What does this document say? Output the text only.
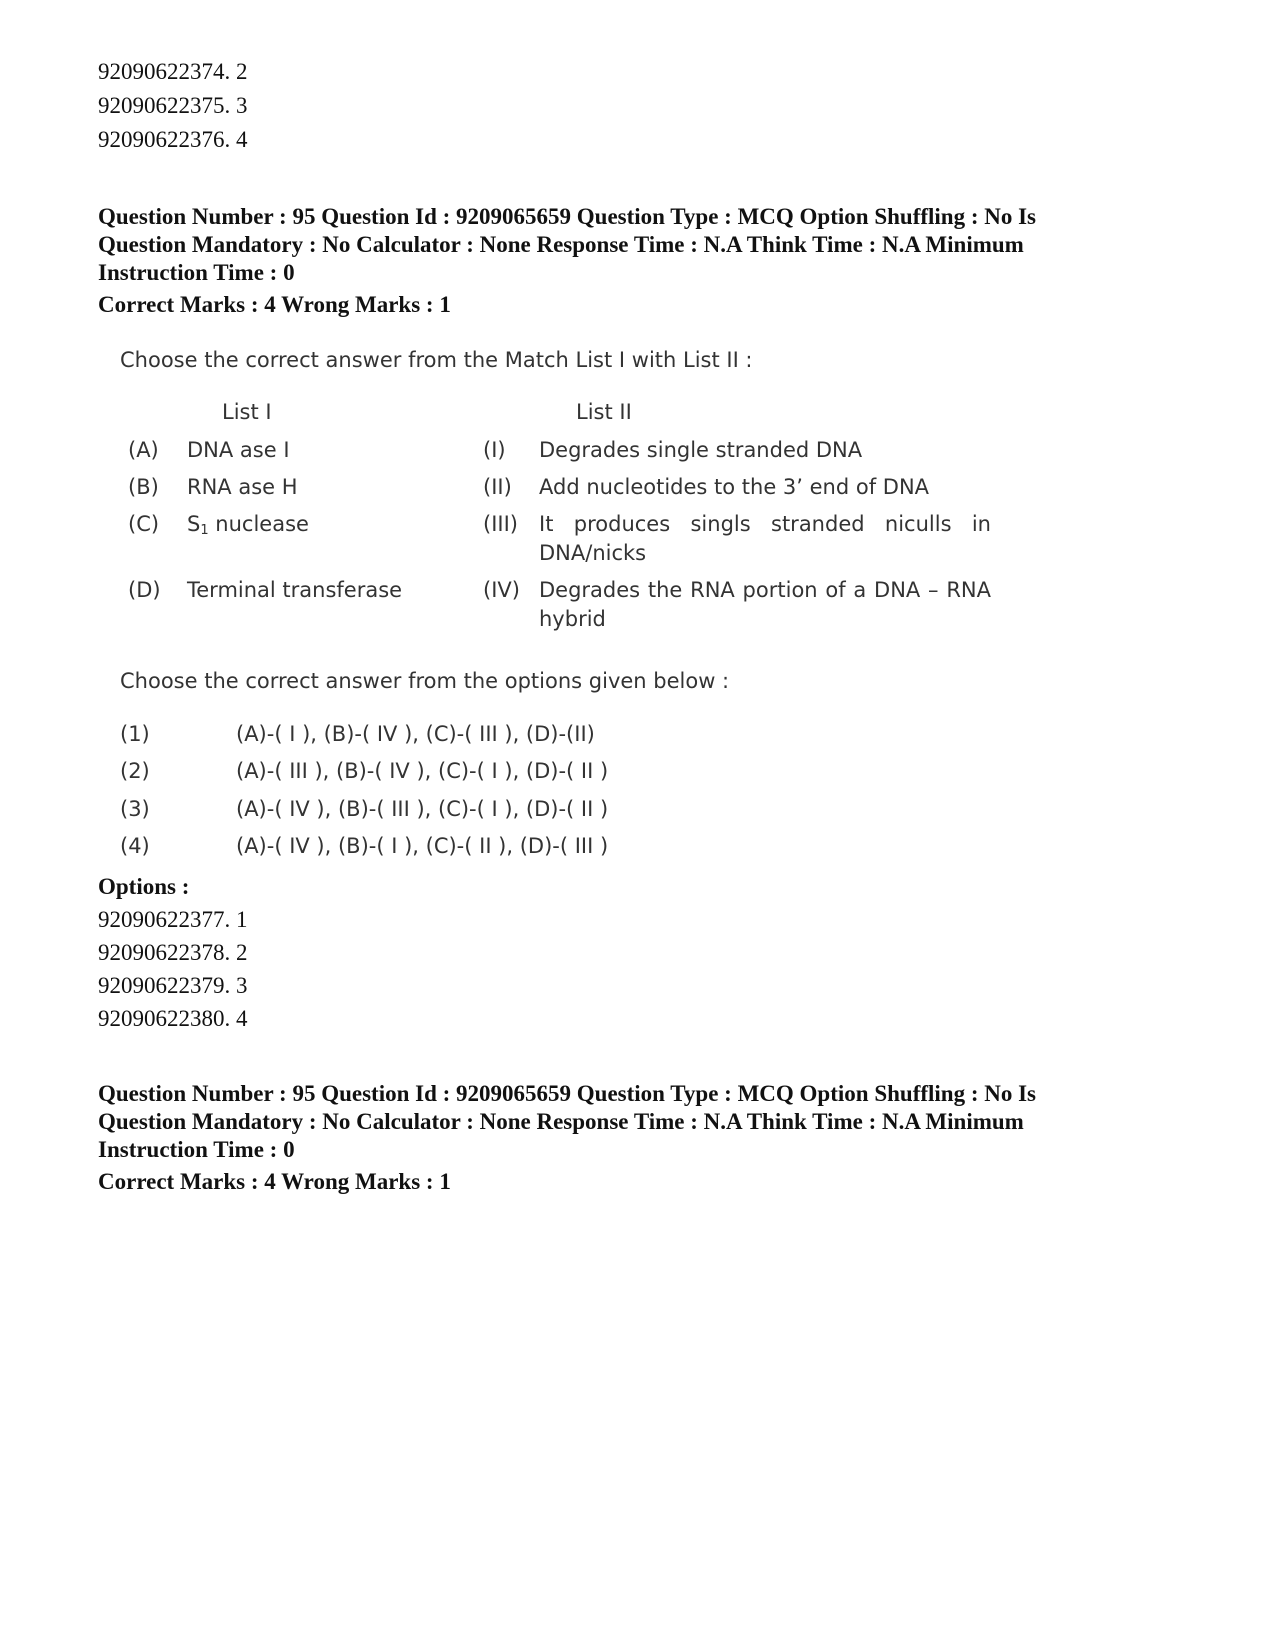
92090622374. 2
92090622375. 3
92090622376. 4
Question Number : 95 Question Id : 9209065659 Question Type : MCQ Option Shuffling : No Is
Question Mandatory : No Calculator : None Response Time : N.A Think Time : N.A Minimum
Instruction Time : 0
Correct Marks : 4 Wrong Marks : 1
Choose the correct answer from the Match List I with List II :
List I	List II
(A) DNA ase I	(I) Degrades single stranded DNA
(B) RNA ase H	(II) Add nucleotides to the 3’ end of DNA
(C) $S_1$ nuclease	(III) It produces singls stranded niculls in DNA/nicks
(D) Terminal transferase	(IV) Degrades the RNA portion of a DNA – RNA hybrid
Choose the correct answer from the options given below :
(1)	(A)-( I ), (B)-( IV ), (C)-( III ), (D)-(II)
(2)	(A)-( III ), (B)-( IV ), (C)-( I ), (D)-( II )
(3)	(A)-( IV ), (B)-( III ), (C)-( I ), (D)-( II )
(4)	(A)-( IV ), (B)-( I ), (C)-( II ), (D)-( III )
Options :
92090622377. 1
92090622378. 2
92090622379. 3
92090622380. 4
Question Number : 95 Question Id : 9209065659 Question Type : MCQ Option Shuffling : No Is
Question Mandatory : No Calculator : None Response Time : N.A Think Time : N.A Minimum
Instruction Time : 0
Correct Marks : 4 Wrong Marks : 1
